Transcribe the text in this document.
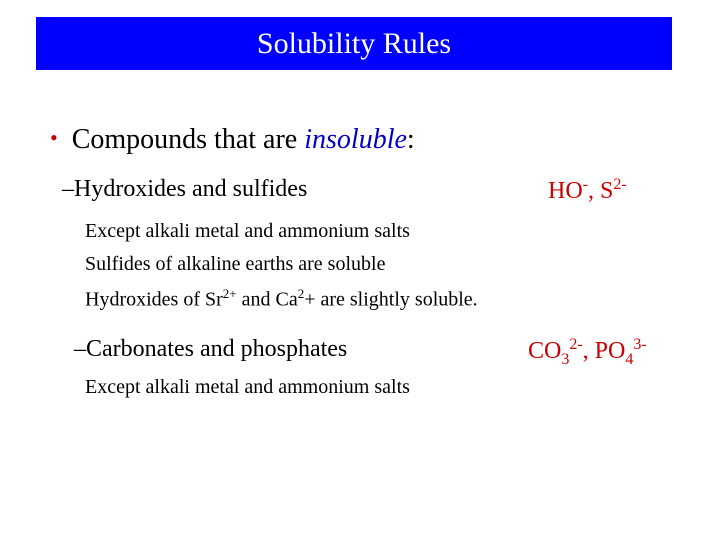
Solubility Rules
• Compounds that are insoluble:
–Hydroxides and sulfides	HO-, $S^{2-}$
Except alkali metal and ammonium salts
Sulfides of alkaline earths are soluble
Hydroxides of $Sr^{2+}$ and $Ca^2+$ are slightly soluble.
–Carbonates and phosphates	$CO_3^{2-}$, $PO_4^{3-}$
Except alkali metal and ammonium salts
